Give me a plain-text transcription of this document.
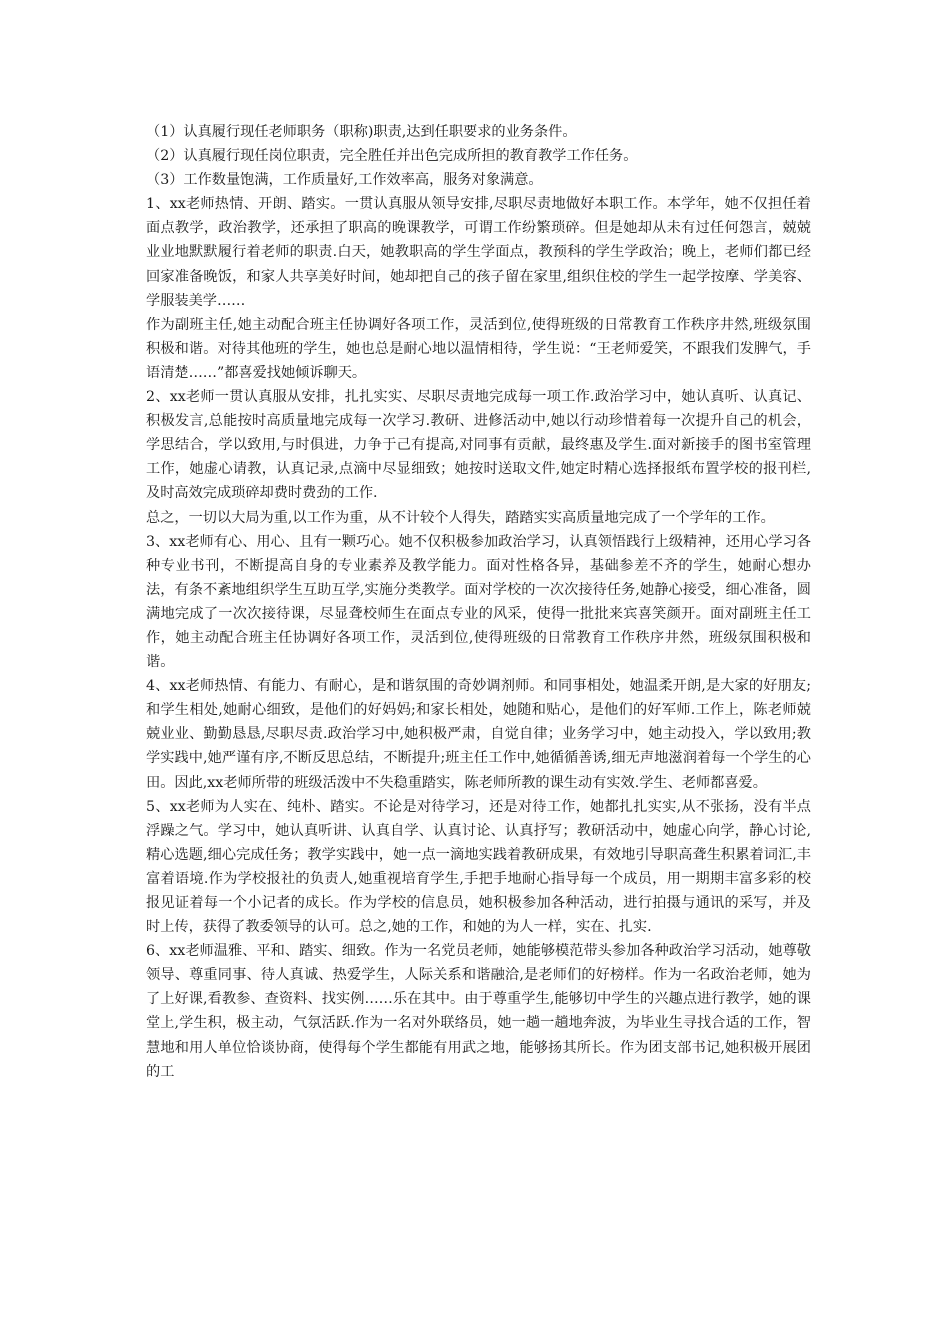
（1）认真履行现任老师职务（职称)职责,达到任职要求的业务条件。

（2）认真履行现任岗位职责，完全胜任并出色完成所担的教育教学工作任务。

（3）工作数量饱满，工作质量好,工作效率高，服务对象满意。

1、xx老师热情、开朗、踏实。一贯认真服从领导安排,尽职尽责地做好本职工作。本学年，她不仅担任着面点教学，政治教学，还承担了职高的晚课教学，可谓工作纷繁琐碎。但是她却从未有过任何怨言，兢兢业业地默默履行着老师的职责.白天，她教职高的学生学面点，教预科的学生学政治；晚上，老师们都已经回家准备晚饭，和家人共享美好时间，她却把自己的孩子留在家里,组织住校的学生一起学按摩、学美容、学服装美学……

作为副班主任,她主动配合班主任协调好各项工作，灵活到位,使得班级的日常教育工作秩序井然,班级氛围积极和谐。对待其他班的学生，她也总是耐心地以温情相待，学生说：“王老师爱笑，不跟我们发脾气，手语清楚……”都喜爱找她倾诉聊天。

2、xx老师一贯认真服从安排，扎扎实实、尽职尽责地完成每一项工作.政治学习中，她认真听、认真记、积极发言,总能按时高质量地完成每一次学习.教研、进修活动中,她以行动珍惜着每一次提升自己的机会，学思结合，学以致用,与时俱进，力争于己有提高,对同事有贡献，最终惠及学生.面对新接手的图书室管理工作，她虚心请教，认真记录,点滴中尽显细致；她按时送取文件,她定时精心选择报纸布置学校的报刊栏,及时高效完成琐碎却费时费劲的工作.

总之，一切以大局为重,以工作为重，从不计较个人得失，踏踏实实高质量地完成了一个学年的工作。

3、xx老师有心、用心、且有一颗巧心。她不仅积极参加政治学习，认真领悟践行上级精神，还用心学习各种专业书刊，不断提高自身的专业素养及教学能力。面对性格各异，基础参差不齐的学生，她耐心想办法，有条不紊地组织学生互助互学,实施分类教学。面对学校的一次次接待任务,她静心接受，细心准备，圆满地完成了一次次接待课，尽显聋校师生在面点专业的风采，使得一批批来宾喜笑颜开。面对副班主任工作，她主动配合班主任协调好各项工作，灵活到位,使得班级的日常教育工作秩序井然，班级氛围积极和谐。

4、xx老师热情、有能力、有耐心，是和谐氛围的奇妙调剂师。和同事相处，她温柔开朗,是大家的好朋友;和学生相处,她耐心细致，是他们的好妈妈;和家长相处，她随和贴心，是他们的好军师.工作上，陈老师兢兢业业、勤勤恳恳,尽职尽责.政治学习中,她积极严肃，自觉自律；业务学习中，她主动投入，学以致用;教学实践中,她严谨有序,不断反思总结，不断提升;班主任工作中,她循循善诱,细无声地滋润着每一个学生的心田。因此,xx老师所带的班级活泼中不失稳重踏实，陈老师所教的课生动有实效.学生、老师都喜爱。

5、xx老师为人实在、纯朴、踏实。不论是对待学习，还是对待工作，她都扎扎实实,从不张扬，没有半点浮躁之气。学习中，她认真听讲、认真自学、认真讨论、认真抒写；教研活动中，她虚心向学，静心讨论,精心选题,细心完成任务；教学实践中，她一点一滴地实践着教研成果，有效地引导职高聋生积累着词汇,丰富着语境.作为学校报社的负责人,她重视培育学生,手把手地耐心指导每一个成员，用一期期丰富多彩的校报见证着每一个小记者的成长。作为学校的信息员，她积极参加各种活动，进行拍摄与通讯的采写，并及时上传，获得了教委领导的认可。总之,她的工作，和她的为人一样，实在、扎实.

6、xx老师温雅、平和、踏实、细致。作为一名党员老师，她能够模范带头参加各种政治学习活动，她尊敬领导、尊重同事、待人真诚、热爱学生，人际关系和谐融洽,是老师们的好榜样。作为一名政治老师，她为了上好课,看教参、查资料、找实例……乐在其中。由于尊重学生,能够切中学生的兴趣点进行教学，她的课堂上,学生积，极主动，气氛活跃.作为一名对外联络员，她一趟一趟地奔波，为毕业生寻找合适的工作，智慧地和用人单位恰谈协商，使得每个学生都能有用武之地，能够扬其所长。作为团支部书记,她积极开展团的工
